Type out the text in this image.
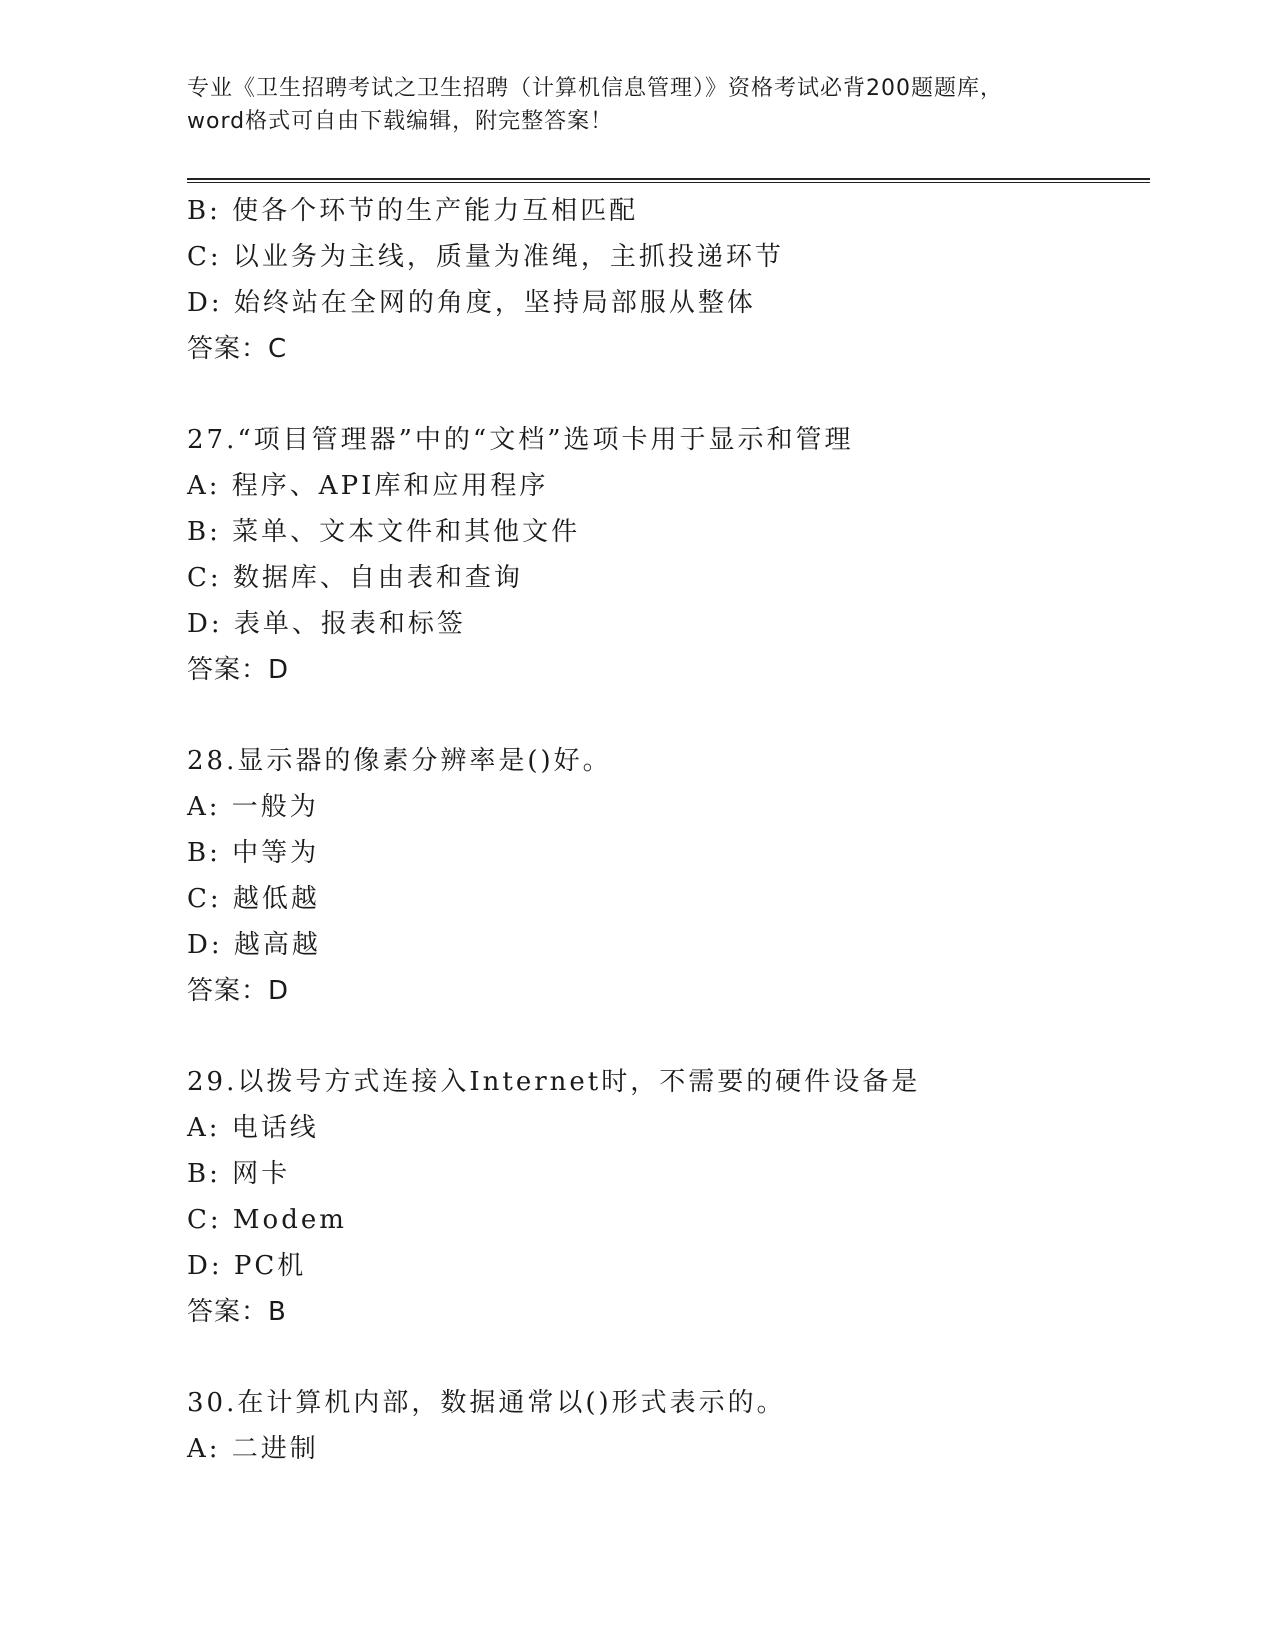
专业《卫生招聘考试之卫生招聘（计算机信息管理）》资格考试必背200题题库，
word格式可自由下载编辑，附完整答案！
B: 使各个环节的生产能力互相匹配
C: 以业务为主线，质量为准绳，主抓投递环节
D: 始终站在全网的角度，坚持局部服从整体
答案：C
27.“项目管理器”中的“文档”选项卡用于显示和管理
A: 程序、API库和应用程序
B: 菜单、文本文件和其他文件
C: 数据库、自由表和查询
D: 表单、报表和标签
答案：D
28.显示器的像素分辨率是()好。
A: 一般为
B: 中等为
C: 越低越
D: 越高越
答案：D
29.以拨号方式连接入Internet时，不需要的硬件设备是
A: 电话线
B: 网卡
C: Modem
D: PC机
答案：B
30.在计算机内部，数据通常以()形式表示的。
A: 二进制
